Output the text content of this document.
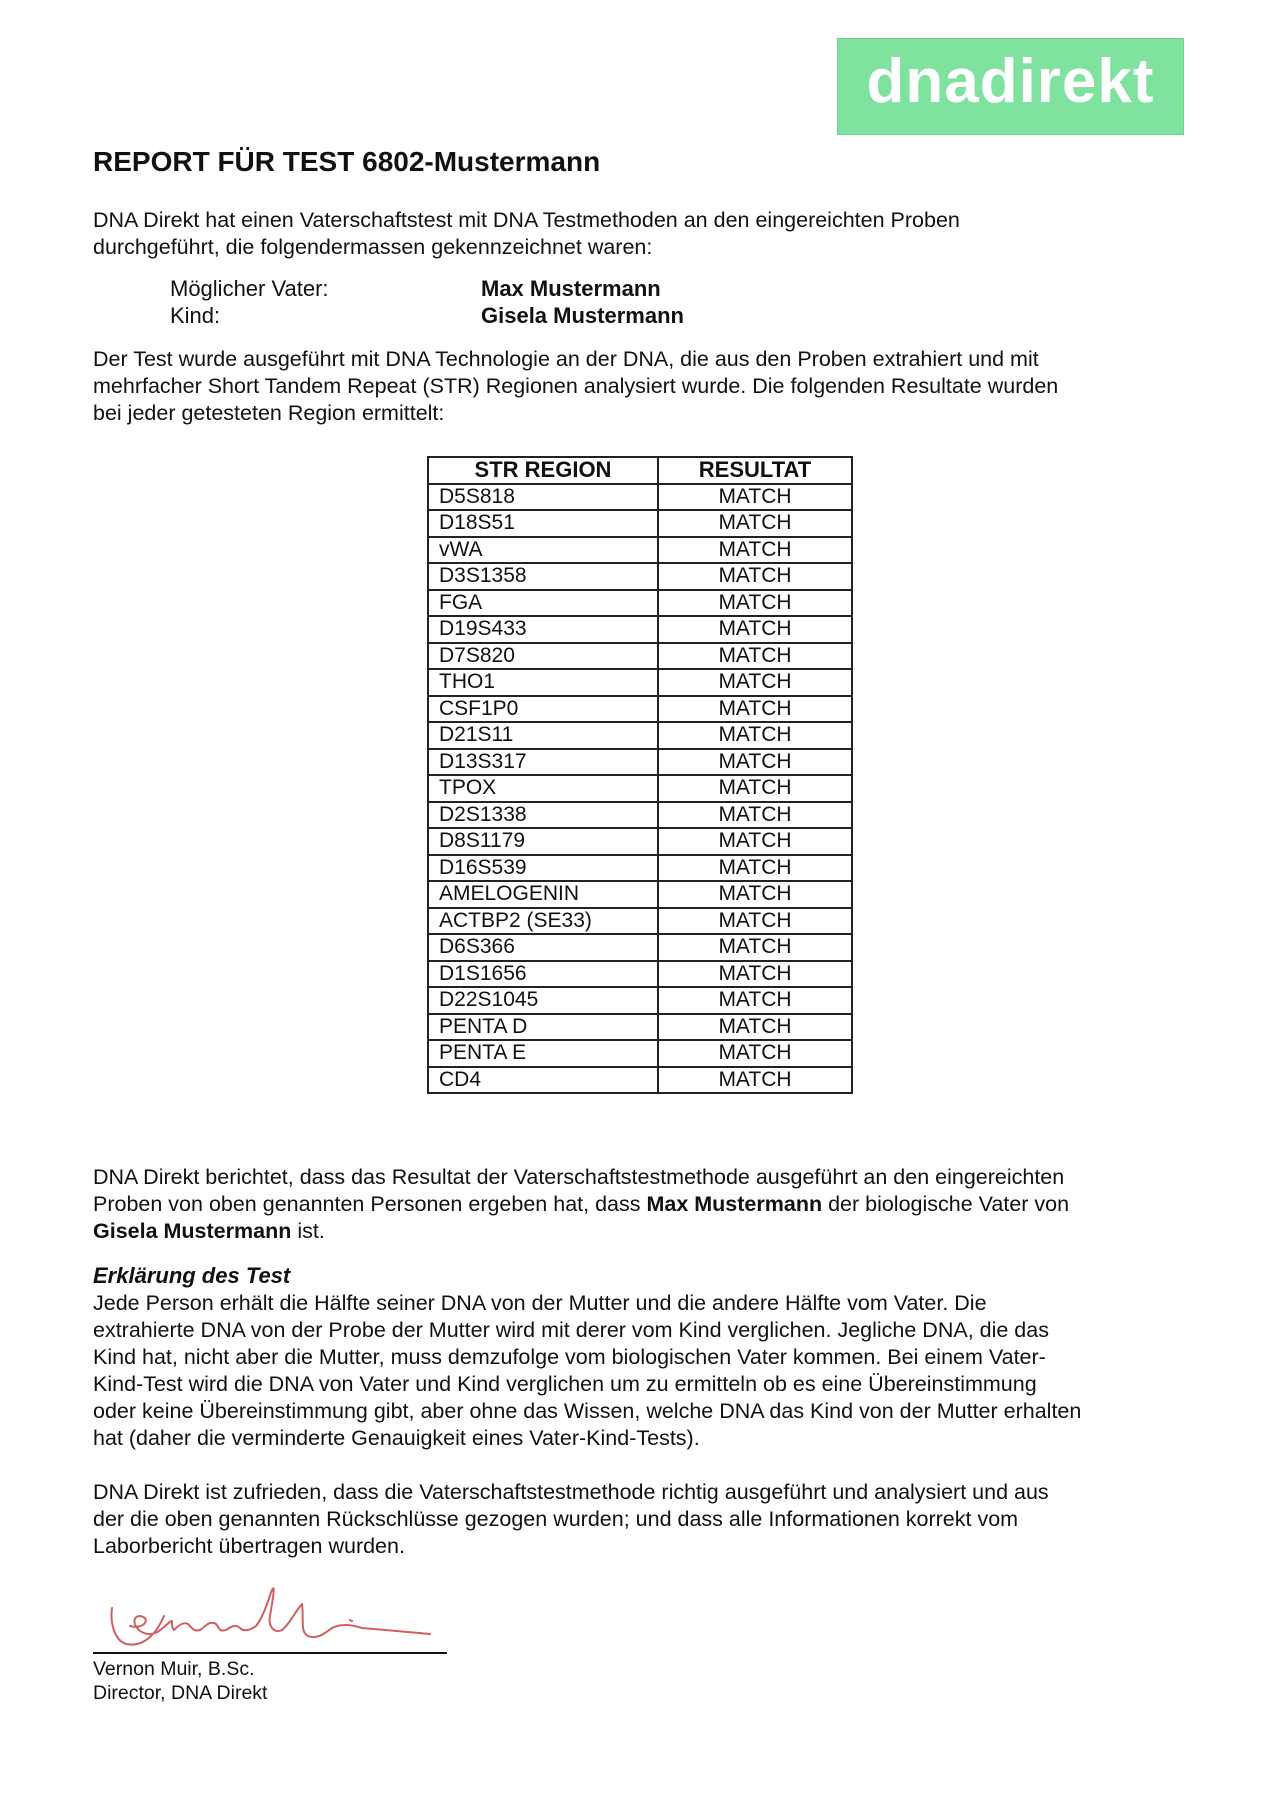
dnadirekt
REPORT FÜR TEST 6802-Mustermann

DNA Direkt hat einen Vaterschaftstest mit DNA Testmethoden an den eingereichten Proben
durchgeführt, die folgendermassen gekennzeichnet waren:

Möglicher Vater:	Max Mustermann
Kind:	Gisela Mustermann

Der Test wurde ausgeführt mit DNA Technologie an der DNA, die aus den Proben extrahiert und mit
mehrfacher Short Tandem Repeat (STR) Regionen analysiert wurde. Die folgenden Resultate wurden
bei jeder getesteten Region ermittelt:

STR REGION	RESULTAT
D5S818	MATCH
D18S51	MATCH
vWA	MATCH
D3S1358	MATCH
FGA	MATCH
D19S433	MATCH
D7S820	MATCH
THO1	MATCH
CSF1P0	MATCH
D21S11	MATCH
D13S317	MATCH
TPOX	MATCH
D2S1338	MATCH
D8S1179	MATCH
D16S539	MATCH
AMELOGENIN	MATCH
ACTBP2 (SE33)	MATCH
D6S366	MATCH
D1S1656	MATCH
D22S1045	MATCH
PENTA D	MATCH
PENTA E	MATCH
CD4	MATCH

DNA Direkt berichtet, dass das Resultat der Vaterschaftstestmethode ausgeführt an den eingereichten
Proben von oben genannten Personen ergeben hat, dass Max Mustermann der biologische Vater von
Gisela Mustermann ist.

Erklärung des Test

Jede Person erhält die Hälfte seiner DNA von der Mutter und die andere Hälfte vom Vater. Die
extrahierte DNA von der Probe der Mutter wird mit derer vom Kind verglichen. Jegliche DNA, die das
Kind hat, nicht aber die Mutter, muss demzufolge vom biologischen Vater kommen. Bei einem Vater-
Kind-Test wird die DNA von Vater und Kind verglichen um zu ermitteln ob es eine Übereinstimmung
oder keine Übereinstimmung gibt, aber ohne das Wissen, welche DNA das Kind von der Mutter erhalten
hat (daher die verminderte Genauigkeit eines Vater-Kind-Tests).

DNA Direkt ist zufrieden, dass die Vaterschaftstestmethode richtig ausgeführt und analysiert und aus
der die oben genannten Rückschlüsse gezogen wurden; und dass alle Informationen korrekt vom
Laborbericht übertragen wurden.

Vernon Muir, B.Sc.
Director, DNA Direkt
